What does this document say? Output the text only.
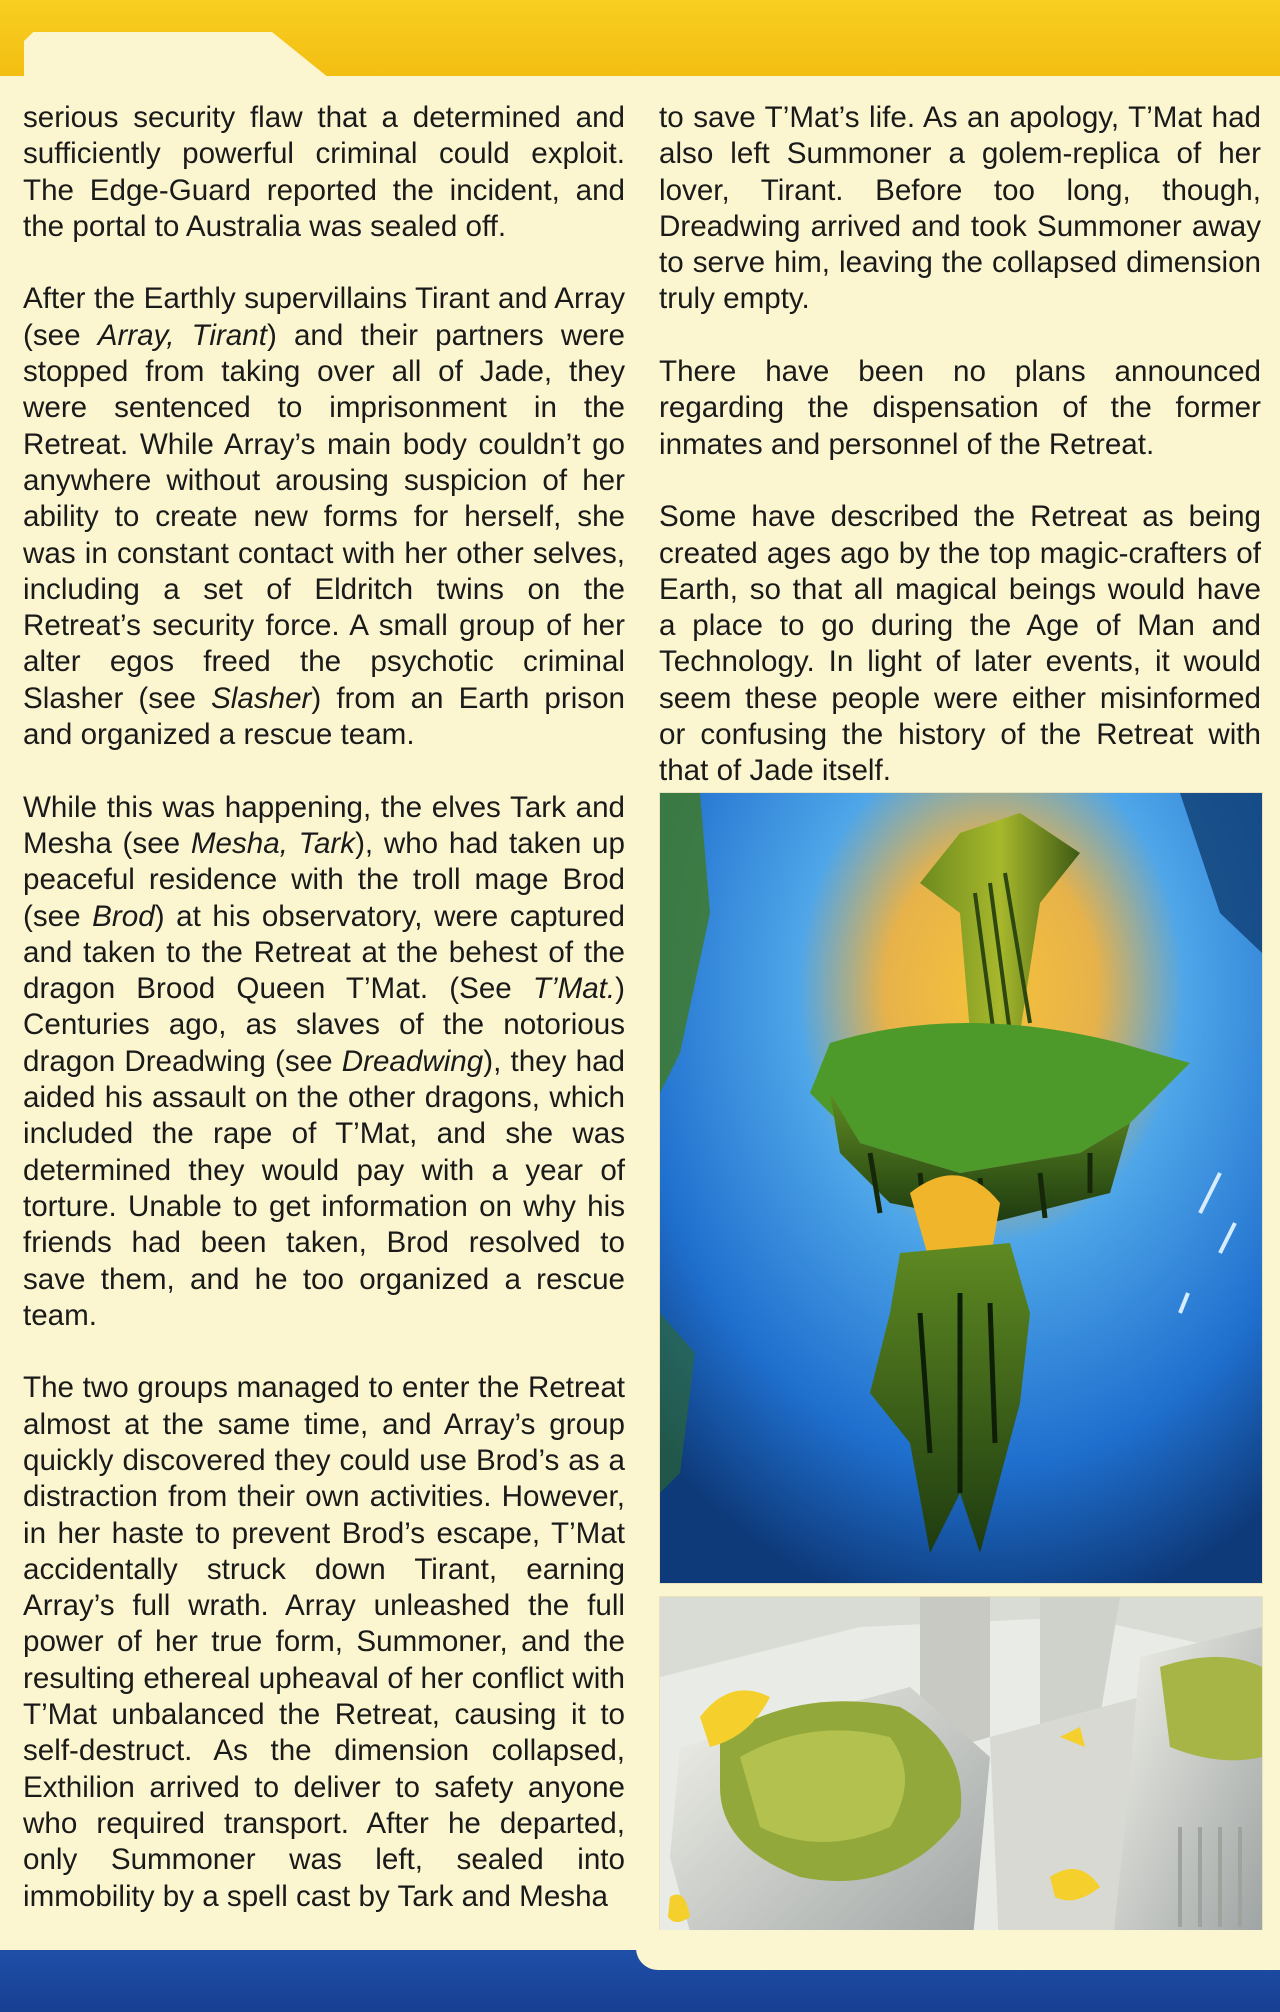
serious security flaw that a determined and sufficiently powerful criminal could exploit. The Edge-Guard reported the incident, and the portal to Australia was sealed off.

After the Earthly supervillains Tirant and Array (see Array, Tirant) and their partners were stopped from taking over all of Jade, they were sentenced to imprisonment in the Retreat. While Array’s main body couldn’t go anywhere without arousing suspicion of her ability to create new forms for herself, she was in constant contact with her other selves, including a set of Eldritch twins on the Retreat’s security force. A small group of her alter egos freed the psychotic criminal Slasher (see Slasher) from an Earth prison and organized a rescue team.

While this was happening, the elves Tark and Mesha (see Mesha, Tark), who had taken up peaceful residence with the troll mage Brod (see Brod) at his observatory, were captured and taken to the Retreat at the behest of the dragon Brood Queen T’Mat. (See T’Mat.) Centuries ago, as slaves of the notorious dragon Dreadwing (see Dreadwing), they had aided his assault on the other dragons, which included the rape of T’Mat, and she was determined they would pay with a year of torture. Unable to get information on why his friends had been taken, Brod resolved to save them, and he too organized a rescue team.

The two groups managed to enter the Retreat almost at the same time, and Array’s group quickly discovered they could use Brod’s as a distraction from their own activities. However, in her haste to prevent Brod’s escape, T’Mat accidentally struck down Tirant, earning Array’s full wrath. Array unleashed the full power of her true form, Summoner, and the resulting ethereal upheaval of her conflict with T’Mat unbalanced the Retreat, causing it to self-destruct. As the dimension collapsed, Exthilion arrived to deliver to safety anyone who required transport. After he departed, only Summoner was left, sealed into immobility by a spell cast by Tark and Mesha

to save T’Mat’s life. As an apology, T’Mat had also left Summoner a golem-replica of her lover, Tirant. Before too long, though, Dreadwing arrived and took Summoner away to serve him, leaving the collapsed dimension truly empty.

There have been no plans announced regarding the dispensation of the former inmates and personnel of the Retreat.

Some have described the Retreat as being created ages ago by the top magic-crafters of Earth, so that all magical beings would have a place to go during the Age of Man and Technology. In light of later events, it would seem these people were either misinformed or confusing the history of the Retreat with that of Jade itself.
